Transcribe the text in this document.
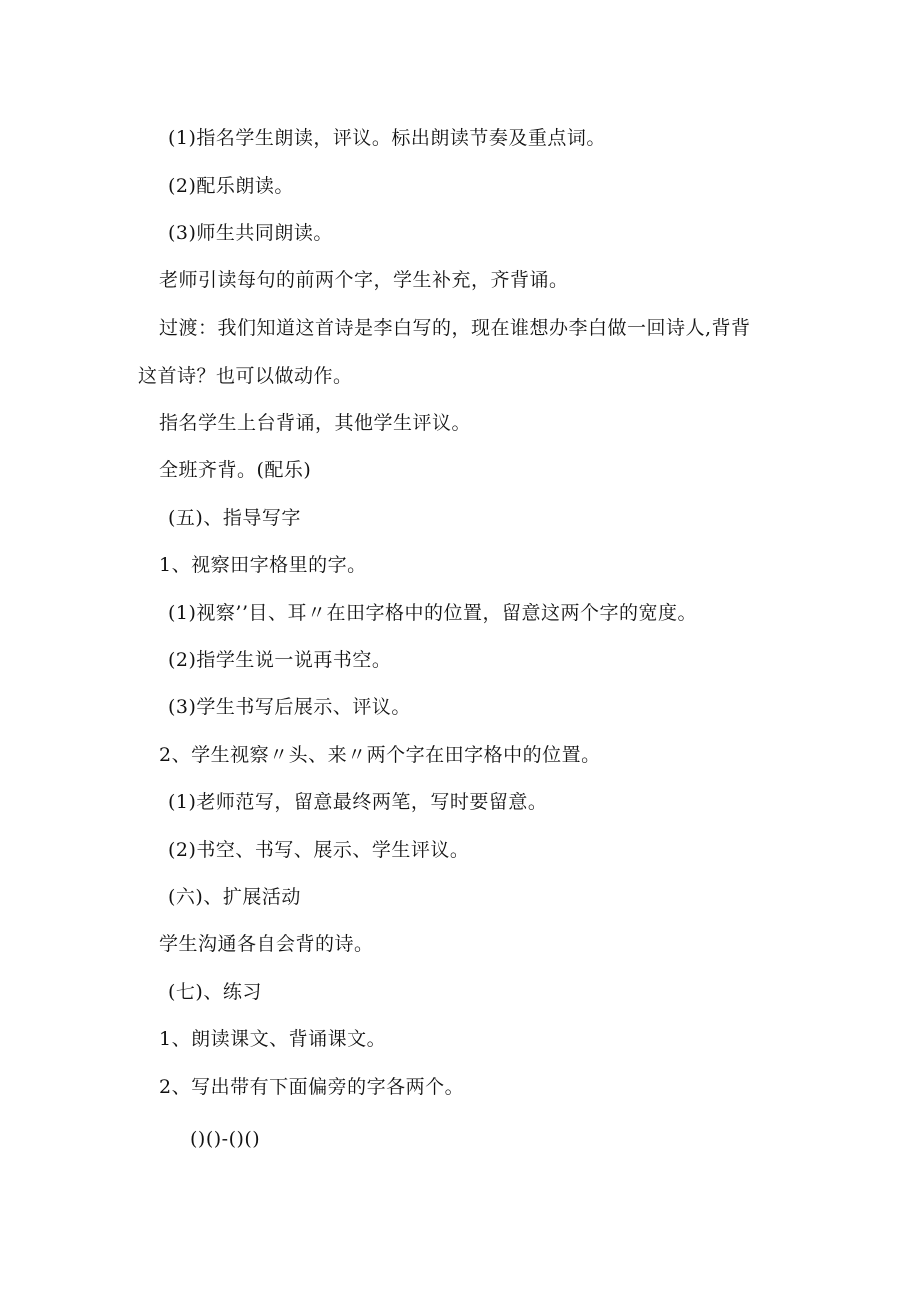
(1)指名学生朗读，评议。标出朗读节奏及重点词。
(2)配乐朗读。
(3)师生共同朗读。
老师引读每句的前两个字，学生补充，齐背诵。
过渡：我们知道这首诗是李白写的，现在谁想办李白做一回诗人,背背
这首诗？也可以做动作。
指名学生上台背诵，其他学生评议。
全班齐背。(配乐)
(五)、指导写字
1、视察田字格里的字。
(1)视察’’目、耳〃在田字格中的位置，留意这两个字的宽度。
(2)指学生说一说再书空。
(3)学生书写后展示、评议。
2、学生视察〃头、来〃两个字在田字格中的位置。
(1)老师范写，留意最终两笔，写时要留意。
(2)书空、书写、展示、学生评议。
(六)、扩展活动
学生沟通各自会背的诗。
(七)、练习
1、朗读课文、背诵课文。
2、写出带有下面偏旁的字各两个。
()()-()()
